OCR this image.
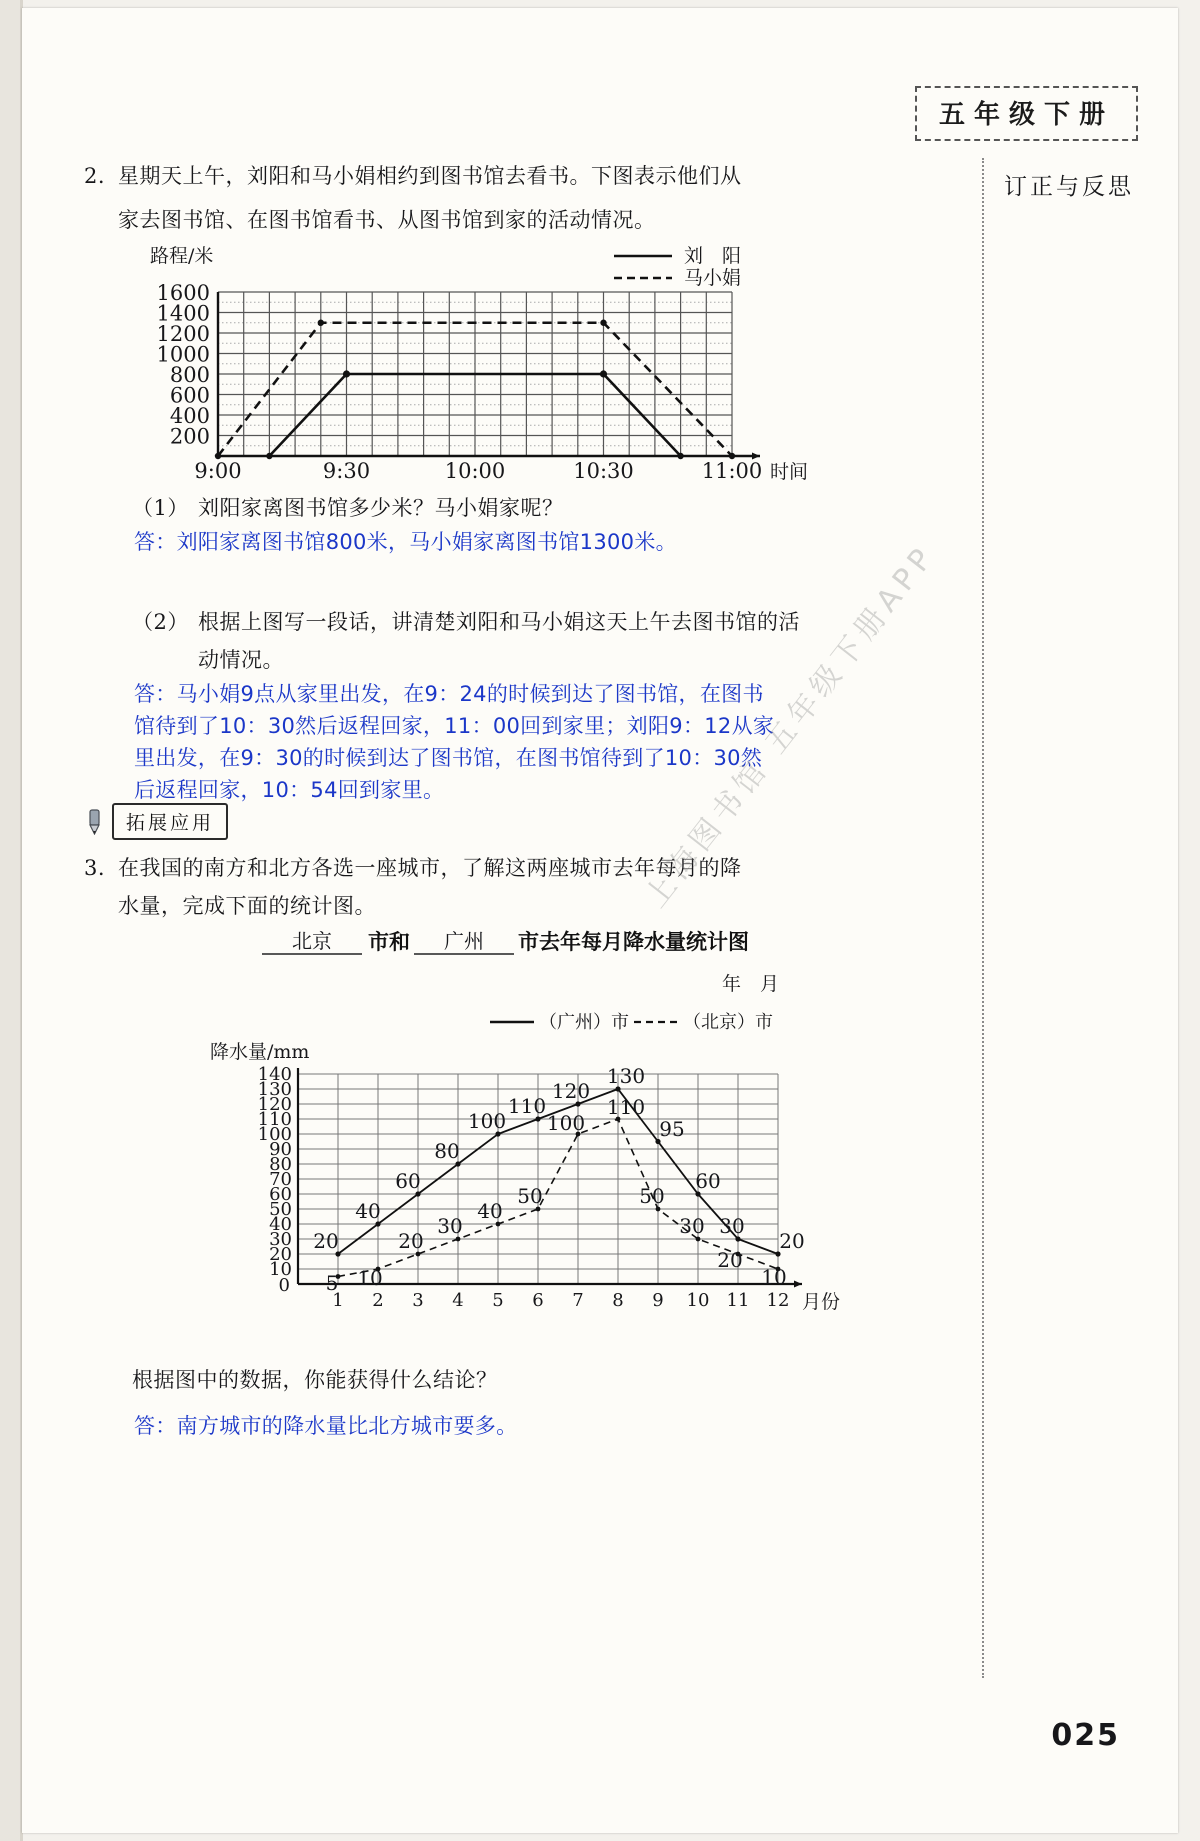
五年级下册
订正与反思
2. 星期天上午，刘阳和马小娟相约到图书馆去看书。下图表示他们从
家去图书馆、在图书馆看书、从图书馆到家的活动情况。
路程/米	刘　阳
马小娟
1600
1400
1200
1000
800
600
400
200
9:00	9:30	10:00	10:30	11:00 时间
（1） 刘阳家离图书馆多少米？马小娟家呢？
答：刘阳家离图书馆800米，马小娟家离图书馆1300米。
（2） 根据上图写一段话，讲清楚刘阳和马小娟这天上午去图书馆的活
动情况。
答：马小娟9点从家里出发，在9：24的时候到达了图书馆，在图书
馆待到了10：30然后返程回家，11：00回到家里；刘阳9：12从家
里出发，在9：30的时候到达了图书馆，在图书馆待到了10：30然
后返程回家，10：54回到家里。
拓展应用
3. 在我国的南方和北方各选一座城市，了解这两座城市去年每月的降
水量，完成下面的统计图。
北京 市和 广州 市去年每月降水量统计图
年　月
（广州）市	（北京）市
降水量/mm
0
140
130
120
110
100
90
80
70
60
50
40
30
20
10
1 2 3 4 5 6 7 8 9 10 11 12 月份
20
40
60
80
100
110
120
130
95
60
30
20
5 10
20
30
40
50
100
110
50
30
20
10
根据图中的数据，你能获得什么结论？
答：南方城市的降水量比北方城市要多。
025
上海图书馆 五年级下册APP
